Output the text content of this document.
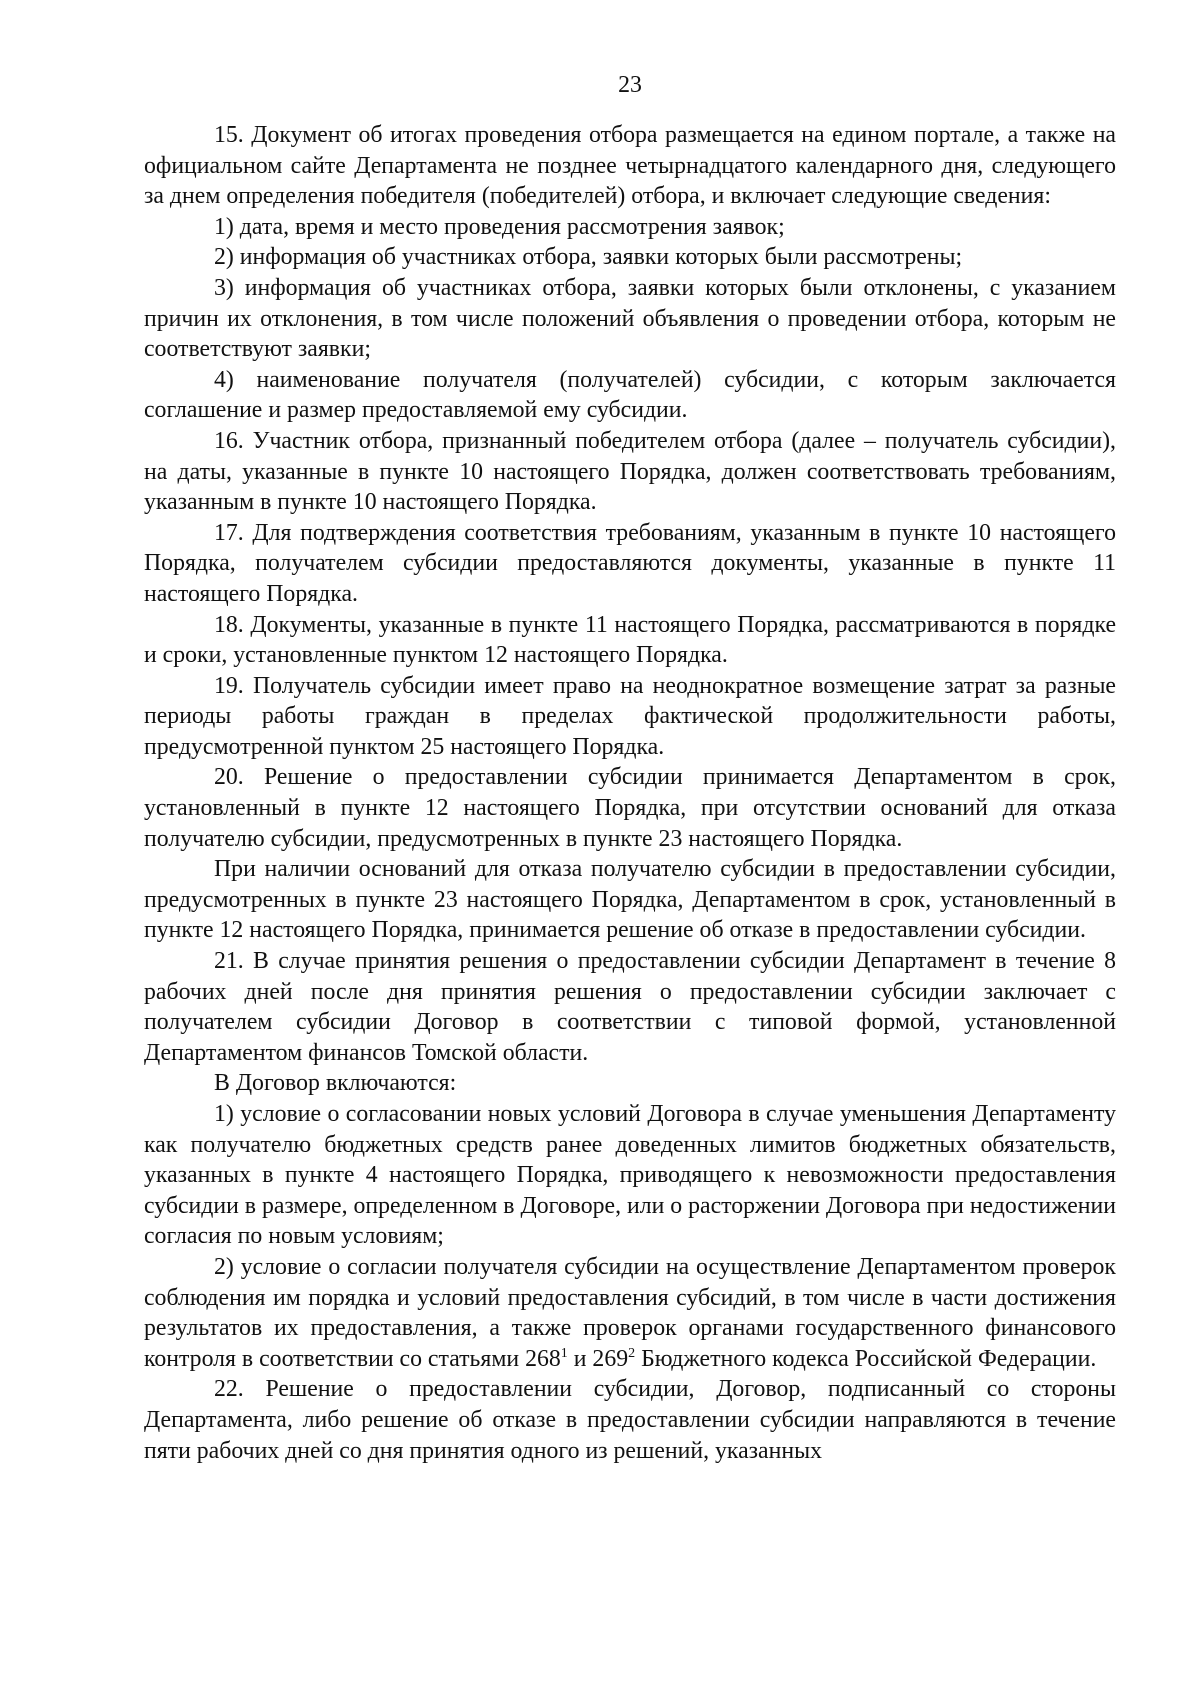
23

15. Документ об итогах проведения отбора размещается на едином портале, а также на официальном сайте Департамента не позднее четырнадцатого календарного дня, следующего за днем определения победителя (победителей) отбора, и включает следующие сведения:

1) дата, время и место проведения рассмотрения заявок;

2) информация об участниках отбора, заявки которых были рассмотрены;

3) информация об участниках отбора, заявки которых были отклонены, с указанием причин их отклонения, в том числе положений объявления о проведении отбора, которым не соответствуют заявки;

4) наименование получателя (получателей) субсидии, с которым заключается соглашение и размер предоставляемой ему субсидии.

16. Участник отбора, признанный победителем отбора (далее – получатель субсидии), на даты, указанные в пункте 10 настоящего Порядка, должен соответствовать требованиям, указанным в пункте 10 настоящего Порядка.

17. Для подтверждения соответствия требованиям, указанным в пункте 10 настоящего Порядка, получателем субсидии предоставляются документы, указанные в пункте 11 настоящего Порядка.

18. Документы, указанные в пункте 11 настоящего Порядка, рассматриваются в порядке и сроки, установленные пунктом 12 настоящего Порядка.

19. Получатель субсидии имеет право на неоднократное возмещение затрат за разные периоды работы граждан в пределах фактической продолжительности работы, предусмотренной пунктом 25 настоящего Порядка.

20. Решение о предоставлении субсидии принимается Департаментом в срок, установленный в пункте 12 настоящего Порядка, при отсутствии оснований для отказа получателю субсидии, предусмотренных в пункте 23 настоящего Порядка.

При наличии оснований для отказа получателю субсидии в предоставлении субсидии, предусмотренных в пункте 23 настоящего Порядка, Департаментом в срок, установленный в пункте 12 настоящего Порядка, принимается решение об отказе в предоставлении субсидии.

21. В случае принятия решения о предоставлении субсидии Департамент в течение 8 рабочих дней после дня принятия решения о предоставлении субсидии заключает с получателем субсидии Договор в соответствии с типовой формой, установленной Департаментом финансов Томской области.

В Договор включаются:

1) условие о согласовании новых условий Договора в случае уменьшения Департаменту как получателю бюджетных средств ранее доведенных лимитов бюджетных обязательств, указанных в пункте 4 настоящего Порядка, приводящего к невозможности предоставления субсидии в размере, определенном в Договоре, или о расторжении Договора при недостижении согласия по новым условиям;

2) условие о согласии получателя субсидии на осуществление Департаментом проверок соблюдения им порядка и условий предоставления субсидий, в том числе в части достижения результатов их предоставления, а также проверок органами государственного финансового контроля в соответствии со статьями $268^1$ и $269^2$ Бюджетного кодекса Российской Федерации.

22. Решение о предоставлении субсидии, Договор, подписанный со стороны Департамента, либо решение об отказе в предоставлении субсидии направляются в течение пяти рабочих дней со дня принятия одного из решений, указанных
